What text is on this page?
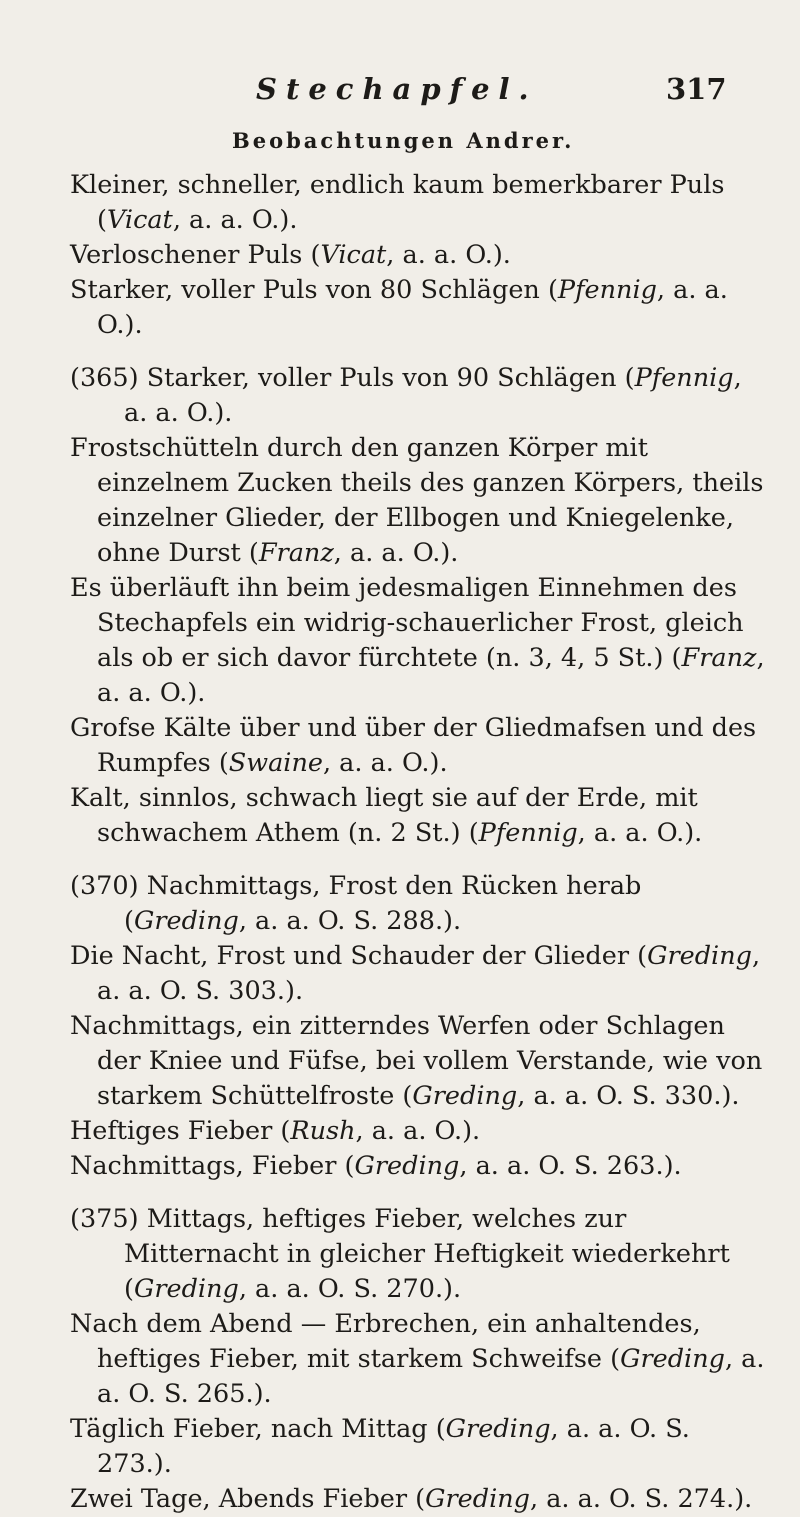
Stechapfel.	317
Beobachtungen Andrer.

Kleiner, schneller, endlich kaum bemerkbarer Puls (Vicat, a. a. O.).

Verloschener Puls (Vicat, a. a. O.).

Starker, voller Puls von 80 Schlägen (Pfennig, a. a. O.).

(365) Starker, voller Puls von 90 Schlägen (Pfennig, a. a. O.).

Frostschütteln durch den ganzen Körper mit einzelnem Zucken theils des ganzen Körpers, theils einzelner Glieder, der Ellbogen und Kniegelenke, ohne Durst (Franz, a. a. O.).

Es überläuft ihn beim jedesmaligen Einnehmen des Stechapfels ein widrig-schauerlicher Frost, gleich als ob er sich davor fürchtete (n. 3, 4, 5 St.) (Franz, a. a. O.).

Grofse Kälte über und über der Gliedmafsen und des Rumpfes (Swaine, a. a. O.).

Kalt, sinnlos, schwach liegt sie auf der Erde, mit schwachem Athem (n. 2 St.) (Pfennig, a. a. O.).

(370) Nachmittags, Frost den Rücken herab (Greding, a. a. O. S. 288.).

Die Nacht, Frost und Schauder der Glieder (Greding, a. a. O. S. 303.).

Nachmittags, ein zitterndes Werfen oder Schlagen der Kniee und Füfse, bei vollem Verstande, wie von starkem Schüttelfroste (Greding, a. a. O. S. 330.).

Heftiges Fieber (Rush, a. a. O.).

Nachmittags, Fieber (Greding, a. a. O. S. 263.).

(375) Mittags, heftiges Fieber, welches zur Mitternacht in gleicher Heftigkeit wiederkehrt (Greding, a. a. O. S. 270.).

Nach dem Abend — Erbrechen, ein anhaltendes, heftiges Fieber, mit starkem Schweifse (Greding, a. a. O. S. 265.).

Täglich Fieber, nach Mittag (Greding, a. a. O. S. 273.).

Zwei Tage, Abends Fieber (Greding, a. a. O. S. 274.).
